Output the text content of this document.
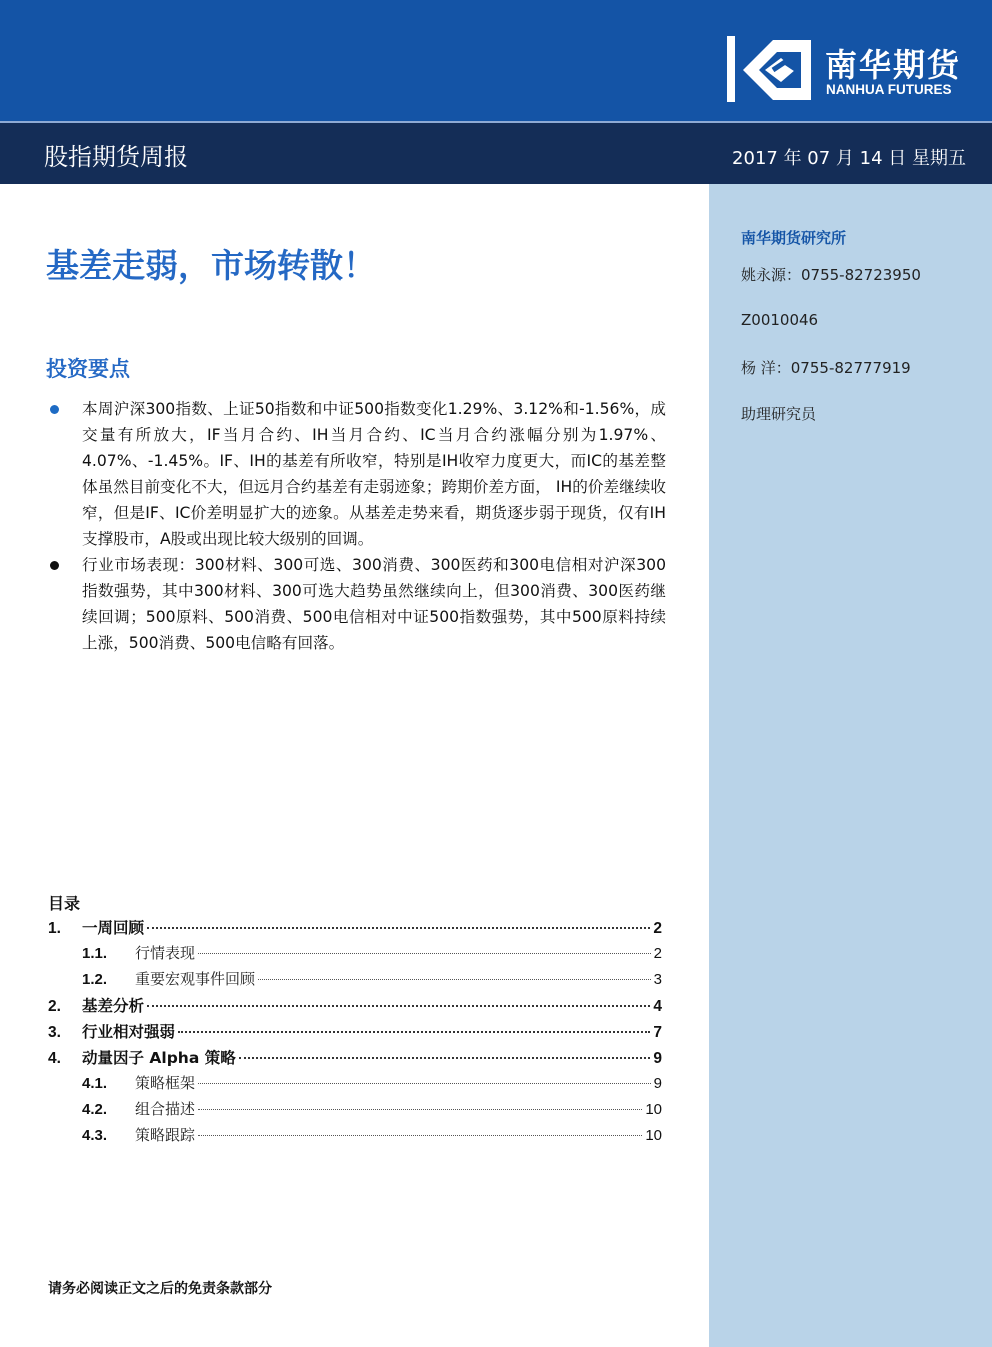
南华期货
NANHUA FUTURES
股指期货周报	2017 年 07 月 14 日 星期五
南华期货研究所
姚永源：0755-82723950
Z0010046
杨 洋：0755-82777919
助理研究员
基差走弱，市场转散！
投资要点
本周沪深300指数、上证50指数和中证500指数变化1.29%、3.12%和-1.56%，成交量有所放大，IF当月合约、IH当月合约、IC当月合约涨幅分别为1.97%、4.07%、-1.45%。IF、IH的基差有所收窄，特别是IH收窄力度更大，而IC的基差整体虽然目前变化不大，但远月合约基差有走弱迹象；跨期价差方面， IH的价差继续收窄，但是IF、IC价差明显扩大的迹象。从基差走势来看，期货逐步弱于现货，仅有IH支撑股市，A股或出现比较大级别的回调。
行业市场表现：300材料、300可选、300消费、300医药和300电信相对沪深300指数强势，其中300材料、300可选大趋势虽然继续向上，但300消费、300医药继续回调；500原料、500消费、500电信相对中证500指数强势，其中500原料持续上涨，500消费、500电信略有回落。
目录
1.	一周回顾	2
1.1.	行情表现	2
1.2.	重要宏观事件回顾	3
2.	基差分析	4
3.	行业相对强弱	7
4.	动量因子 Alpha 策略	9
4.1.	策略框架	9
4.2.	组合描述	10
4.3.	策略跟踪	10
请务必阅读正文之后的免责条款部分
